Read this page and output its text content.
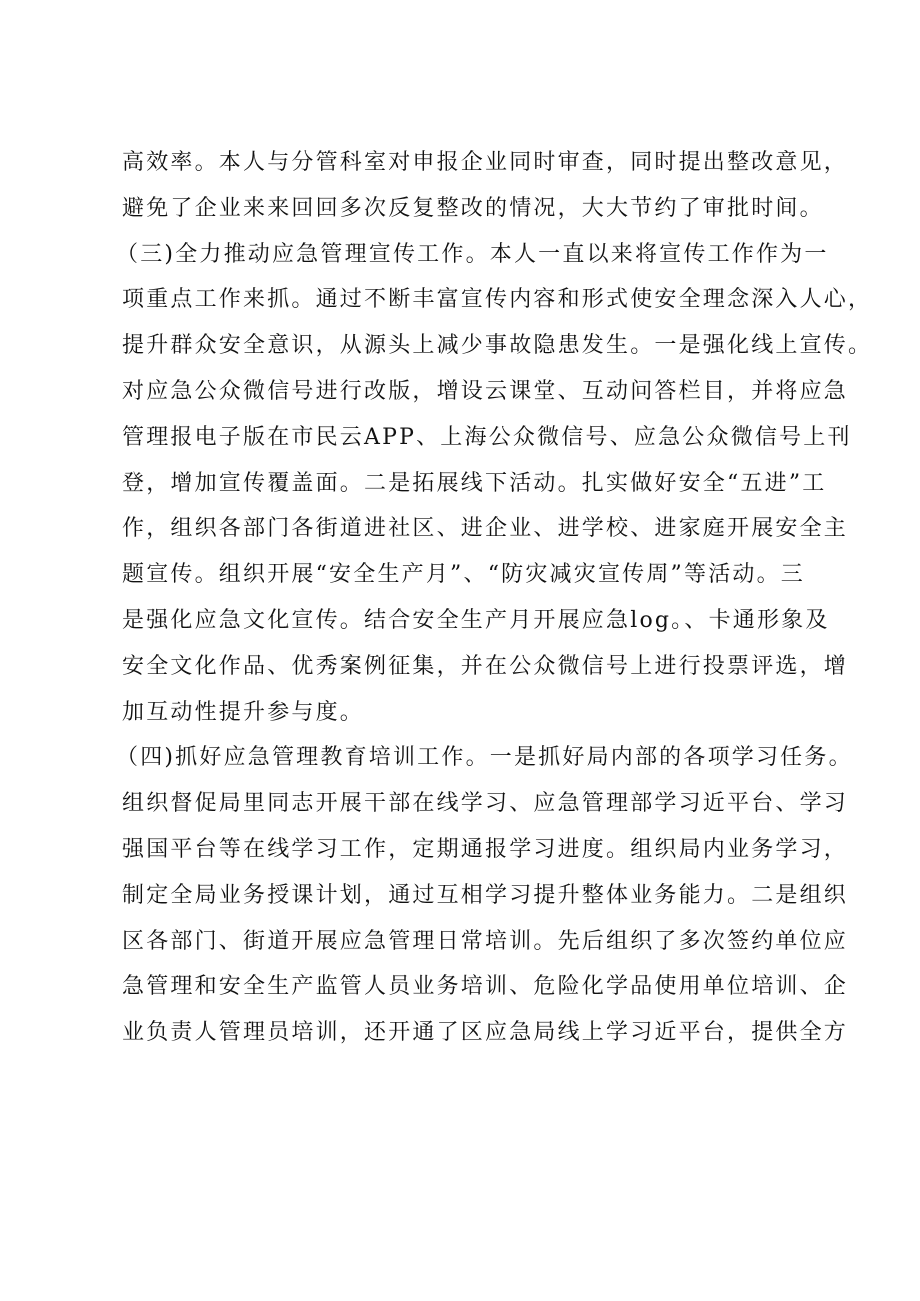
高效率。本人与分管科室对申报企业同时审查，同时提出整改意见，
避免了企业来来回回多次反复整改的情况，大大节约了审批时间。
（三)全力推动应急管理宣传工作。本人一直以来将宣传工作作为一
项重点工作来抓。通过不断丰富宣传内容和形式使安全理念深入人心，
提升群众安全意识，从源头上减少事故隐患发生。一是强化线上宣传。
对应急公众微信号进行改版，增设云课堂、互动问答栏目，并将应急
管理报电子版在市民云APP、上海公众微信号、应急公众微信号上刊
登，增加宣传覆盖面。二是拓展线下活动。扎实做好安全“五进”工
作，组织各部门各街道进社区、进企业、进学校、进家庭开展安全主
题宣传。组织开展“安全生产月”、“防灾减灾宣传周”等活动。三
是强化应急文化宣传。结合安全生产月开展应急log。、卡通形象及
安全文化作品、优秀案例征集，并在公众微信号上进行投票评选，增
加互动性提升参与度。
（四)抓好应急管理教育培训工作。一是抓好局内部的各项学习任务。
组织督促局里同志开展干部在线学习、应急管理部学习近平台、学习
强国平台等在线学习工作，定期通报学习进度。组织局内业务学习，
制定全局业务授课计划，通过互相学习提升整体业务能力。二是组织
区各部门、街道开展应急管理日常培训。先后组织了多次签约单位应
急管理和安全生产监管人员业务培训、危险化学品使用单位培训、企
业负责人管理员培训，还开通了区应急局线上学习近平台，提供全方
